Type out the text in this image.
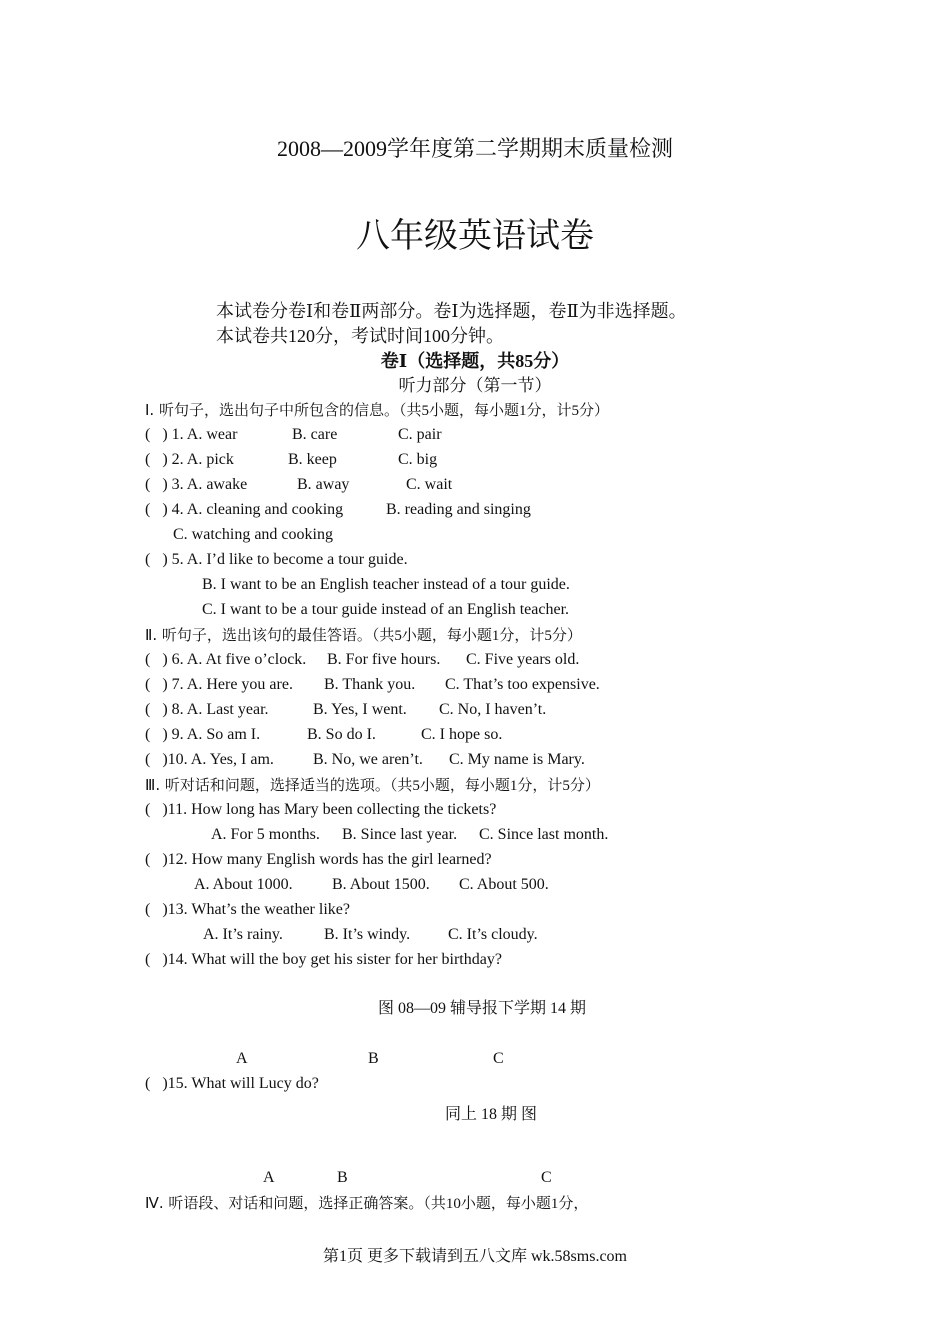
2008—2009学年度第二学期期末质量检测
八年级英语试卷
本试卷分卷Ⅰ和卷Ⅱ两部分。卷Ⅰ为选择题，卷Ⅱ为非选择题。
本试卷共120分，考试时间100分钟。
卷Ⅰ（选择题，共85分）
听力部分（第一节）
Ⅰ. 听句子，选出句子中所包含的信息。（共5小题，每小题1分，计5分）
(   ) 1. A. wear	B. care	C. pair
(   ) 2. A. pick	B. keep	C. big
(   ) 3. A. awake	B. away	C. wait
(   ) 4. A. cleaning and cooking	B. reading and singing
C. watching and cooking
(   ) 5. A. I’d like to become a tour guide.
B. I want to be an English teacher instead of a tour guide.
C. I want to be a tour guide instead of an English teacher.
Ⅱ. 听句子，选出该句的最佳答语。（共5小题，每小题1分，计5分）
(   ) 6. A. At five o’clock. B. For five hours. C. Five years old.
(   ) 7. A. Here you are. B. Thank you. C. That’s too expensive.
(   ) 8. A. Last year.	B. Yes, I went. C. No, I haven’t.
(   ) 9. A. So am I.	B. So do I.	C. I hope so.
(   )10. A. Yes, I am. B. No, we aren’t. C. My name is Mary.
Ⅲ. 听对话和问题，选择适当的选项。（共5小题，每小题1分，计5分）
(   )11. How long has Mary been collecting the tickets?
A. For 5 months. B. Since last year. C. Since last month.
(   )12. How many English words has the girl learned?
A. About 1000. B. About 1500. C. About 500.
(   )13. What’s the weather like?
A. It’s rainy.	B. It’s windy. C. It’s cloudy.
(   )14. What will the boy get his sister for her birthday?
图 08—09 辅导报下学期 14 期
A	B	C
(   )15. What will Lucy do?
同上 18 期 图
A	B	C
Ⅳ. 听语段、对话和问题，选择正确答案。（共10小题，每小题1分，
第1页 更多下载请到五八文库 wk.58sms.com
